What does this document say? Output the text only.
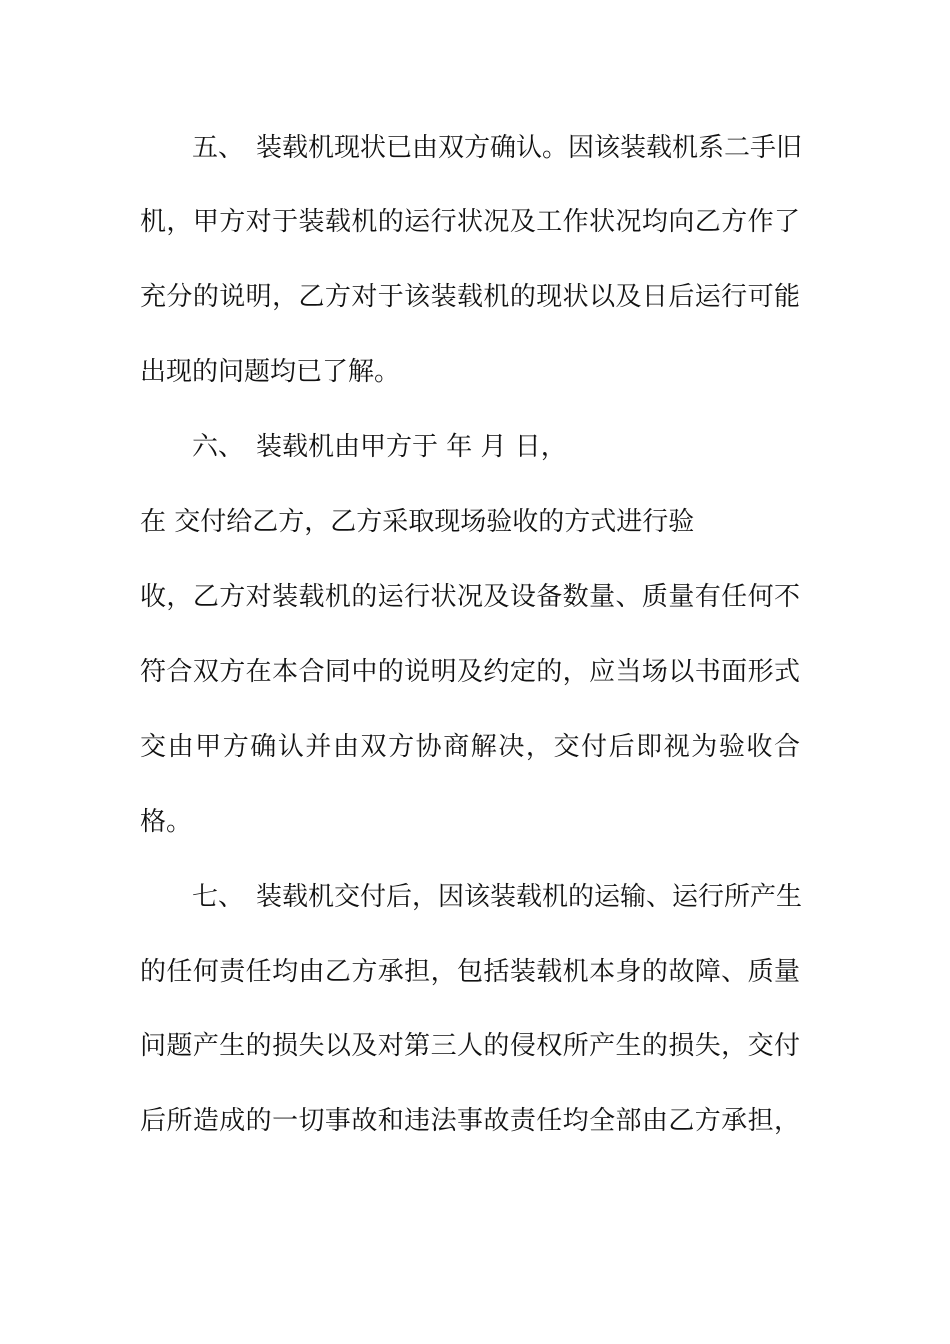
五、 装载机现状已由双方确认。因该装载机系二手旧
机，甲方对于装载机的运行状况及工作状况均向乙方作了
充分的说明，乙方对于该装载机的现状以及日后运行可能
出现的问题均已了解。
六、 装载机由甲方于 年 月 日，
在 交付给乙方，乙方采取现场验收的方式进行验
收，乙方对装载机的运行状况及设备数量、质量有任何不
符合双方在本合同中的说明及约定的，应当场以书面形式
交由甲方确认并由双方协商解决，交付后即视为验收合
格。
七、 装载机交付后，因该装载机的运输、运行所产生
的任何责任均由乙方承担，包括装载机本身的故障、质量
问题产生的损失以及对第三人的侵权所产生的损失，交付
后所造成的一切事故和违法事故责任均全部由乙方承担，
